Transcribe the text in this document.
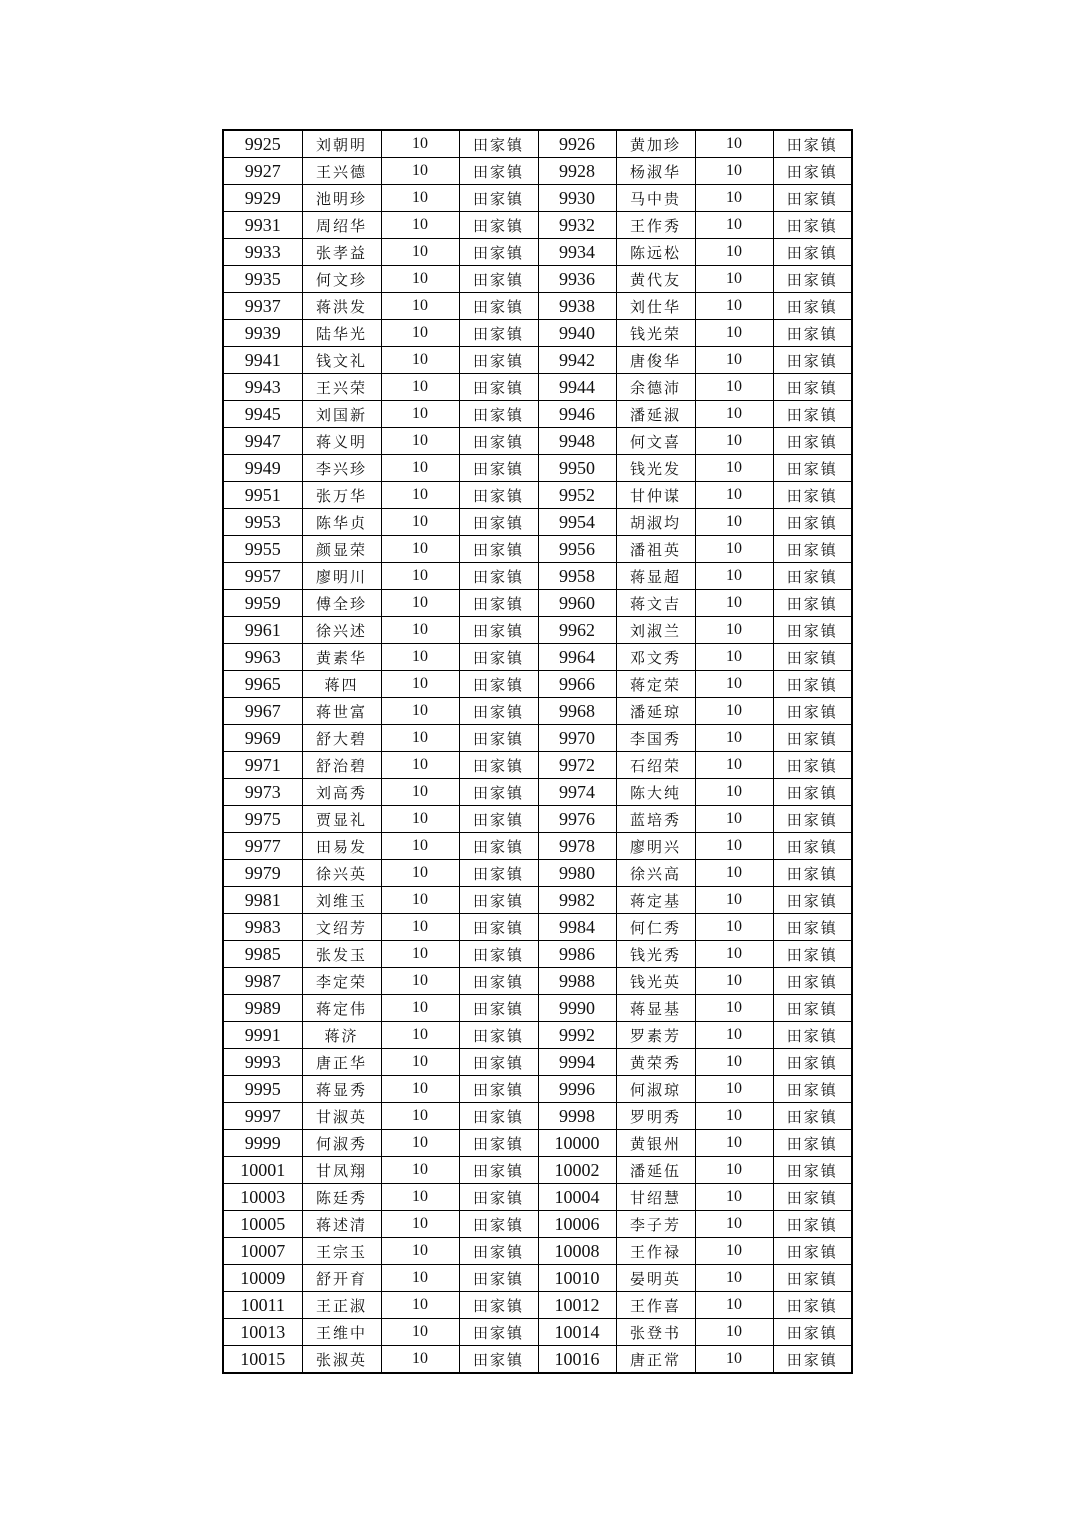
9925	刘朝明	10	田家镇	9926	黄加珍	10	田家镇
9927	王兴德	10	田家镇	9928	杨淑华	10	田家镇
9929	池明珍	10	田家镇	9930	马中贵	10	田家镇
9931	周绍华	10	田家镇	9932	王作秀	10	田家镇
9933	张孝益	10	田家镇	9934	陈远松	10	田家镇
9935	何文珍	10	田家镇	9936	黄代友	10	田家镇
9937	蒋洪发	10	田家镇	9938	刘仕华	10	田家镇
9939	陆华光	10	田家镇	9940	钱光荣	10	田家镇
9941	钱文礼	10	田家镇	9942	唐俊华	10	田家镇
9943	王兴荣	10	田家镇	9944	余德沛	10	田家镇
9945	刘国新	10	田家镇	9946	潘延淑	10	田家镇
9947	蒋义明	10	田家镇	9948	何文喜	10	田家镇
9949	李兴珍	10	田家镇	9950	钱光发	10	田家镇
9951	张万华	10	田家镇	9952	甘仲谋	10	田家镇
9953	陈华贞	10	田家镇	9954	胡淑均	10	田家镇
9955	颜显荣	10	田家镇	9956	潘祖英	10	田家镇
9957	廖明川	10	田家镇	9958	蒋显超	10	田家镇
9959	傅全珍	10	田家镇	9960	蒋文吉	10	田家镇
9961	徐兴述	10	田家镇	9962	刘淑兰	10	田家镇
9963	黄素华	10	田家镇	9964	邓文秀	10	田家镇
9965	蒋四	10	田家镇	9966	蒋定荣	10	田家镇
9967	蒋世富	10	田家镇	9968	潘延琼	10	田家镇
9969	舒大碧	10	田家镇	9970	李国秀	10	田家镇
9971	舒治碧	10	田家镇	9972	石绍荣	10	田家镇
9973	刘高秀	10	田家镇	9974	陈大纯	10	田家镇
9975	贾显礼	10	田家镇	9976	蓝培秀	10	田家镇
9977	田易发	10	田家镇	9978	廖明兴	10	田家镇
9979	徐兴英	10	田家镇	9980	徐兴高	10	田家镇
9981	刘维玉	10	田家镇	9982	蒋定基	10	田家镇
9983	文绍芳	10	田家镇	9984	何仁秀	10	田家镇
9985	张发玉	10	田家镇	9986	钱光秀	10	田家镇
9987	李定荣	10	田家镇	9988	钱光英	10	田家镇
9989	蒋定伟	10	田家镇	9990	蒋显基	10	田家镇
9991	蒋济	10	田家镇	9992	罗素芳	10	田家镇
9993	唐正华	10	田家镇	9994	黄荣秀	10	田家镇
9995	蒋显秀	10	田家镇	9996	何淑琼	10	田家镇
9997	甘淑英	10	田家镇	9998	罗明秀	10	田家镇
9999	何淑秀	10	田家镇	10000	黄银州	10	田家镇
10001	甘凤翔	10	田家镇	10002	潘延伍	10	田家镇
10003	陈廷秀	10	田家镇	10004	甘绍慧	10	田家镇
10005	蒋述清	10	田家镇	10006	李子芳	10	田家镇
10007	王宗玉	10	田家镇	10008	王作禄	10	田家镇
10009	舒开育	10	田家镇	10010	晏明英	10	田家镇
10011	王正淑	10	田家镇	10012	王作喜	10	田家镇
10013	王维中	10	田家镇	10014	张登书	10	田家镇
10015	张淑英	10	田家镇	10016	唐正常	10	田家镇
